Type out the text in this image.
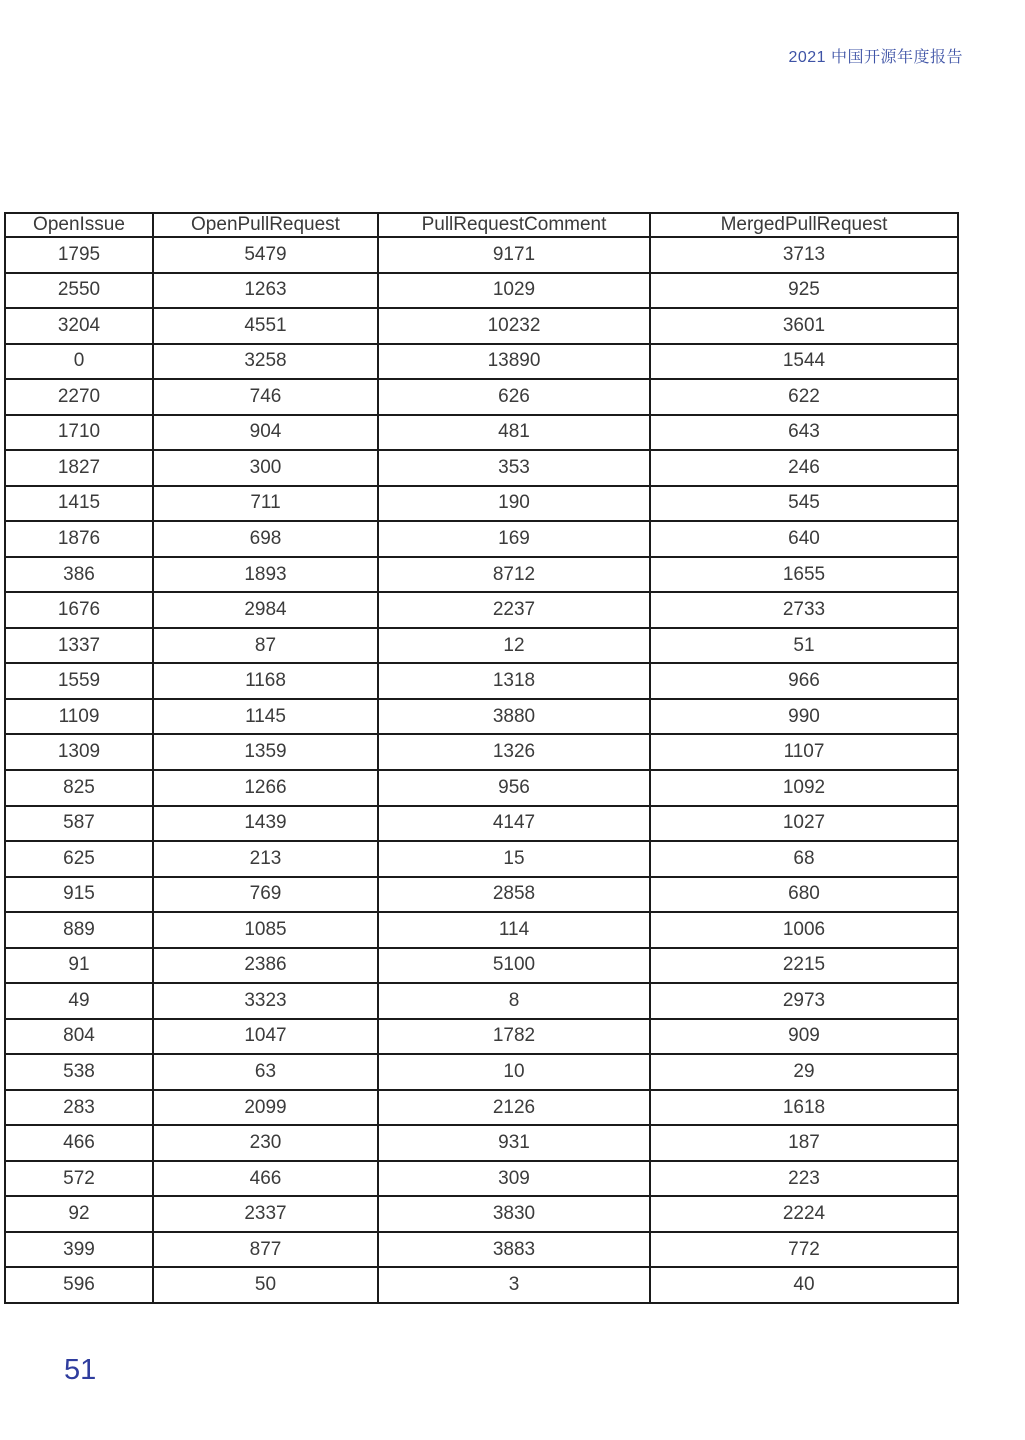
2021 中国开源年度报告
OpenIssue	OpenPullRequest	PullRequestComment	MergedPullRequest
1795	5479	9171	3713
2550	1263	1029	925
3204	4551	10232	3601
0	3258	13890	1544
2270	746	626	622
1710	904	481	643
1827	300	353	246
1415	711	190	545
1876	698	169	640
386	1893	8712	1655
1676	2984	2237	2733
1337	87	12	51
1559	1168	1318	966
1109	1145	3880	990
1309	1359	1326	1107
825	1266	956	1092
587	1439	4147	1027
625	213	15	68
915	769	2858	680
889	1085	114	1006
91	2386	5100	2215
49	3323	8	2973
804	1047	1782	909
538	63	10	29
283	2099	2126	1618
466	230	931	187
572	466	309	223
92	2337	3830	2224
399	877	3883	772
596	50	3	40
51
